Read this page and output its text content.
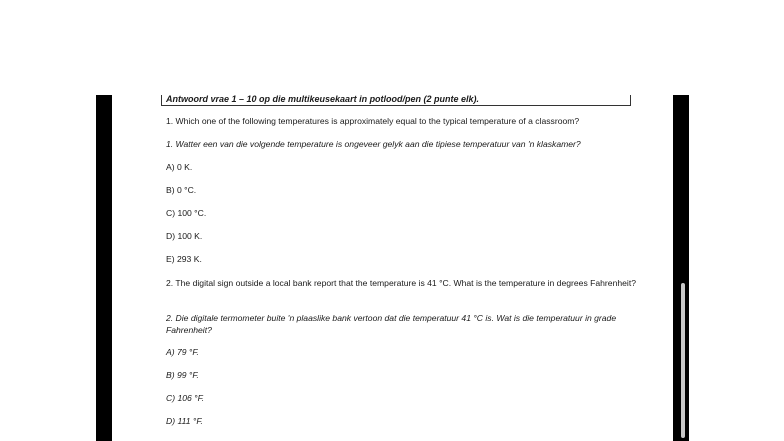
Antwoord vrae 1 – 10 op die multikeusekaart in potlood/pen (2 punte elk).
1. Which one of the following temperatures is approximately equal to the typical temperature of a classroom?
1. Watter een van die volgende temperature is ongeveer gelyk aan die tipiese temperatuur van 'n klaskamer?
A) 0 K.
B) 0 °C.
C) 100 °C.
D) 100 K.
E) 293 K.
2. The digital sign outside a local bank report that the temperature is 41 °C. What is the temperature in degrees Fahrenheit?
2. Die digitale termometer buite 'n plaaslike bank vertoon dat die temperatuur 41 °C is. Wat is die temperatuur in grade Fahrenheit?
A) 79 °F.
B) 99 °F.
C) 106 °F.
D) 111 °F.
